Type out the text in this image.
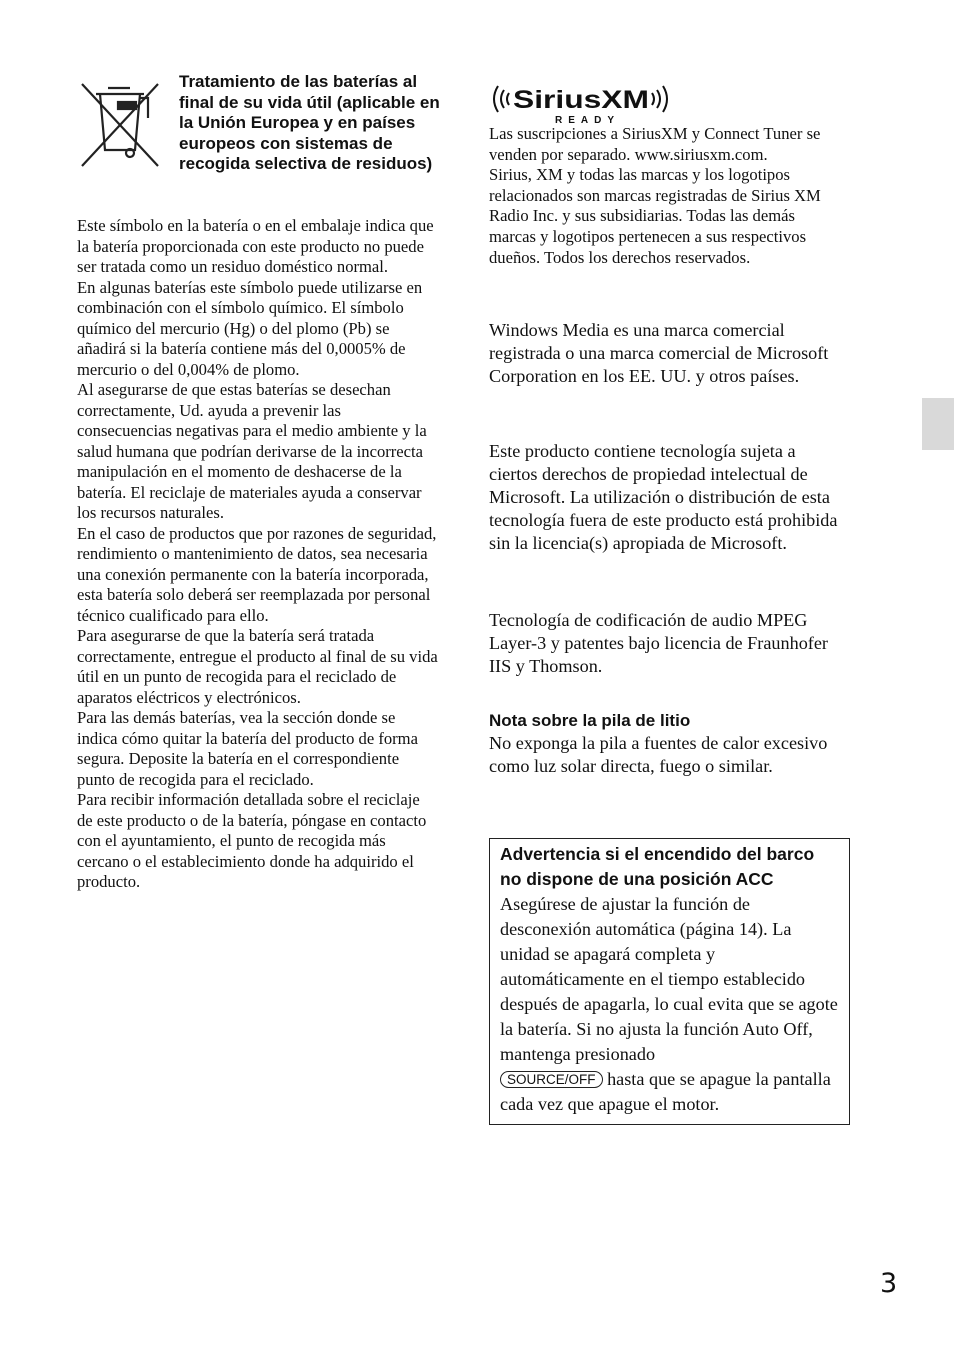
Tratamiento de las baterías al final de su vida útil (aplicable en la Unión Europea y en países europeos con sistemas de recogida selectiva de residuos)

Este símbolo en la batería o en el embalaje indica que la batería proporcionada con este producto no puede ser tratada como un residuo doméstico normal.

En algunas baterías este símbolo puede utilizarse en combinación con el símbolo químico. El símbolo químico del mercurio (Hg) o del plomo (Pb) se añadirá si la batería contiene más del 0,0005% de mercurio o del 0,004% de plomo.

Al asegurarse de que estas baterías se desechan correctamente, Ud. ayuda a prevenir las consecuencias negativas para el medio ambiente y la salud humana que podrían derivarse de la incorrecta manipulación en el momento de deshacerse de la batería. El reciclaje de materiales ayuda a conservar los recursos naturales.

En el caso de productos que por razones de seguridad, rendimiento o mantenimiento de datos, sea necesaria una conexión permanente con la batería incorporada, esta batería solo deberá ser reemplazada por personal técnico cualificado para ello.

Para asegurarse de que la batería será tratada correctamente, entregue el producto al final de su vida útil en un punto de recogida para el reciclado de aparatos eléctricos y electrónicos.

Para las demás baterías, vea la sección donde se indica cómo quitar la batería del producto de forma segura. Deposite la batería en el correspondiente punto de recogida para el reciclado.

Para recibir información detallada sobre el reciclaje de este producto o de la batería, póngase en contacto con el ayuntamiento, el punto de recogida más cercano o el establecimiento donde ha adquirido el producto.

SiriusXM
READY

Las suscripciones a SiriusXM y Connect Tuner se venden por separado. www.siriusxm.com.

Sirius, XM y todas las marcas y los logotipos relacionados son marcas registradas de Sirius XM Radio Inc. y sus subsidiarias. Todas las demás marcas y logotipos pertenecen a sus respectivos dueños. Todos los derechos reservados.

Windows Media es una marca comercial registrada o una marca comercial de Microsoft Corporation en los EE. UU. y otros países.

Este producto contiene tecnología sujeta a ciertos derechos de propiedad intelectual de Microsoft. La utilización o distribución de esta tecnología fuera de este producto está prohibida sin la licencia(s) apropiada de Microsoft.

Tecnología de codificación de audio MPEG Layer-3 y patentes bajo licencia de Fraunhofer IIS y Thomson.

Nota sobre la pila de litio

No exponga la pila a fuentes de calor excesivo como luz solar directa, fuego o similar.

Advertencia si el encendido del barco no dispone de una posición ACC

Asegúrese de ajustar la función de desconexión automática (página 14). La unidad se apagará completa y automáticamente en el tiempo establecido después de apagarla, lo cual evita que se agote la batería. Si no ajusta la función Auto Off, mantenga presionado
SOURCE/OFF hasta que se apague la pantalla cada vez que apague el motor.

3
